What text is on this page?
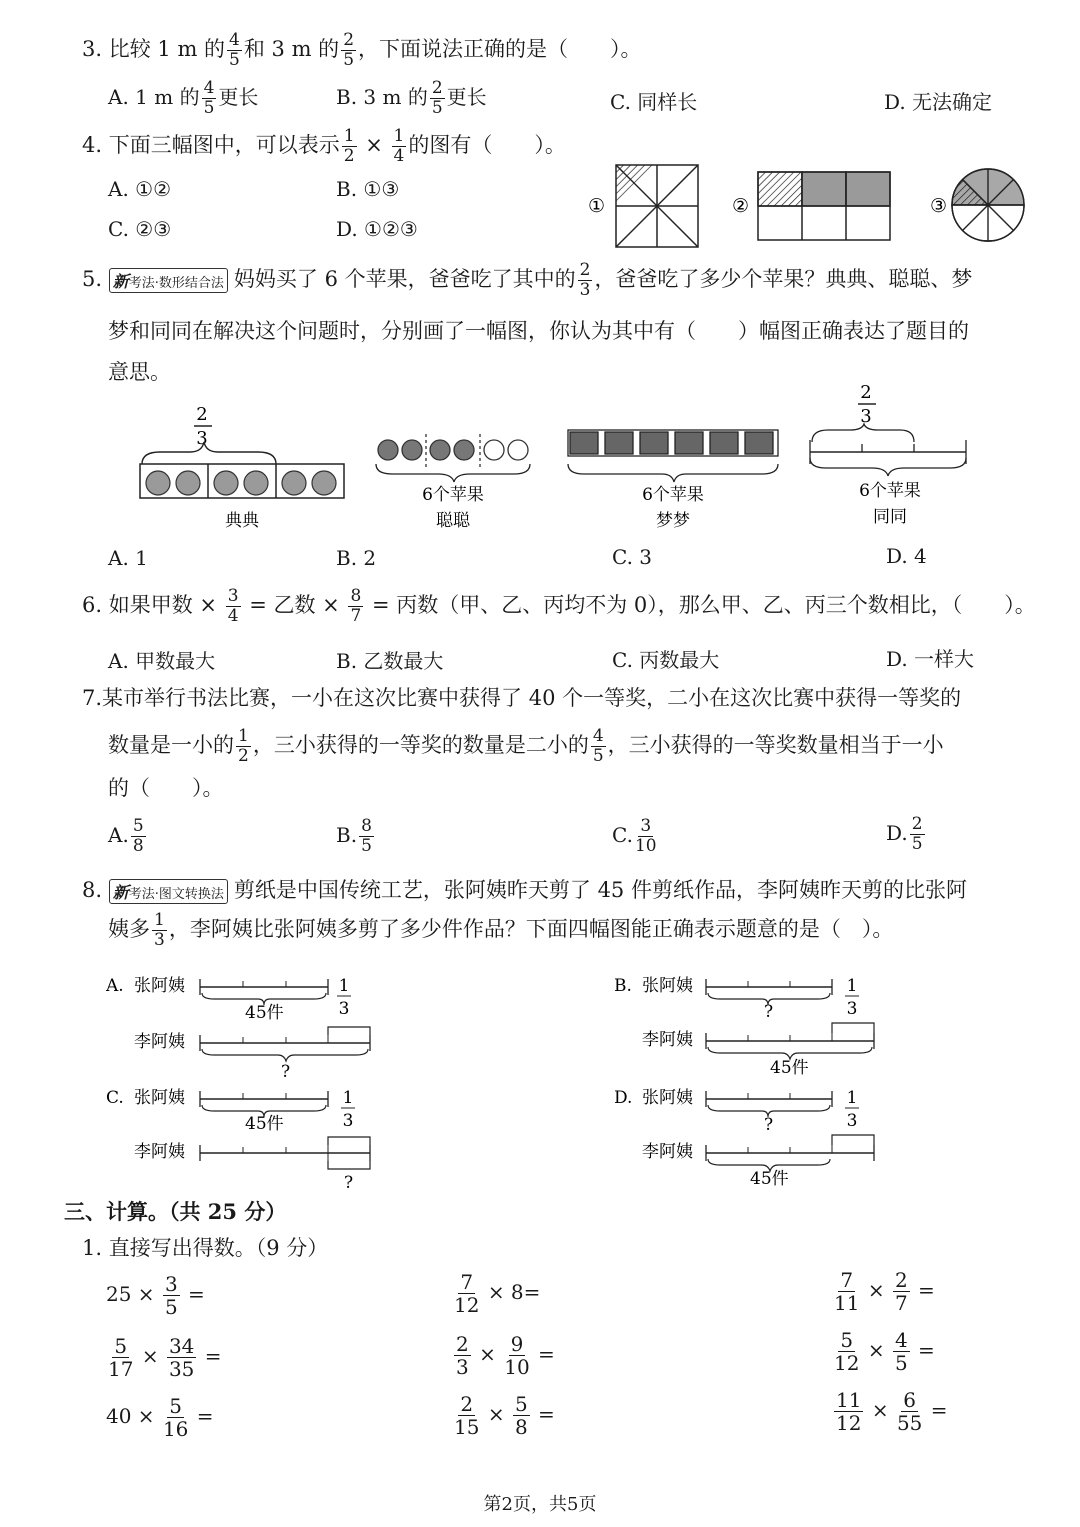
3. 比较 1 m 的 $\frac{4}{5}$ 和 3 m 的 $\frac{2}{5}$ ，下面说法正确的是（　　）。
A. 1 m 的 $\frac{4}{5}$ 更长	B. 3 m 的 $\frac{2}{5}$ 更长	C. 同样长	D. 无法确定
4. 下面三幅图中，可以表示 $\frac{1}{2} \times \frac{1}{4}$ 的图有（　　）。
A. ①②	B. ①③
C. ②③	D. ①②③
①	②	③
5. 新考法·数形结合法 妈妈买了 6 个苹果，爸爸吃了其中的 $\frac{2}{3}$ ，爸爸吃了多少个苹果？典典、聪聪、梦
梦和同同在解决这个问题时，分别画了一幅图，你认为其中有（　　）幅图正确表达了题目的
意思。
2
3
典典
6个苹果
聪聪
6个苹果
梦梦
2
3
6个苹果
同同
A. 1	B. 2	C. 3	D. 4
6. 如果甲数 × $\frac{3}{4}$ = 乙数 × $\frac{8}{7}$ = 丙数（甲、乙、丙均不为 0），那么甲、乙、丙三个数相比，（　　）。
A. 甲数最大	B. 乙数最大	C. 丙数最大	D. 一样大
7.某市举行书法比赛，一小在这次比赛中获得了 40 个一等奖，二小在这次比赛中获得一等奖的
数量是一小的 $\frac{1}{2}$ ，三小获得的一等奖的数量是二小的 $\frac{4}{5}$ ，三小获得的一等奖数量相当于一小
的（　　）。
A. $\frac{5}{8}$	B. $\frac{8}{5}$	C. $\frac{3}{10}$	D. $\frac{2}{5}$
8. 新考法·图文转换法 剪纸是中国传统工艺，张阿姨昨天剪了 45 件剪纸作品，李阿姨昨天剪的比张阿
姨多 $\frac{1}{3}$ ，李阿姨比张阿姨多剪了多少件作品？下面四幅图能正确表示题意的是（　）。
A. 张阿姨
45件
1
3
李阿姨
?
B. 张阿姨
?
1
3
李阿姨
45件
C. 张阿姨
45件
1
3
李阿姨
?
D. 张阿姨
?
1
3
李阿姨
45件
三、计算。（共 25 分）
1. 直接写出得数。（9 分）
$25 \times \frac{3}{5}$ =	$\frac{7}{12} \times 8=$	$\frac{7}{11} \times \frac{2}{7}$ =
$\frac{5}{17} \times \frac{34}{35}$ =	$\frac{2}{3} \times \frac{9}{10}$ =	$\frac{5}{12} \times \frac{4}{5}$ =
$40 \times \frac{5}{16}$ =	$\frac{2}{15} \times \frac{5}{8}$ =	$\frac{11}{12} \times \frac{6}{55}$ =
第2页，共5页
